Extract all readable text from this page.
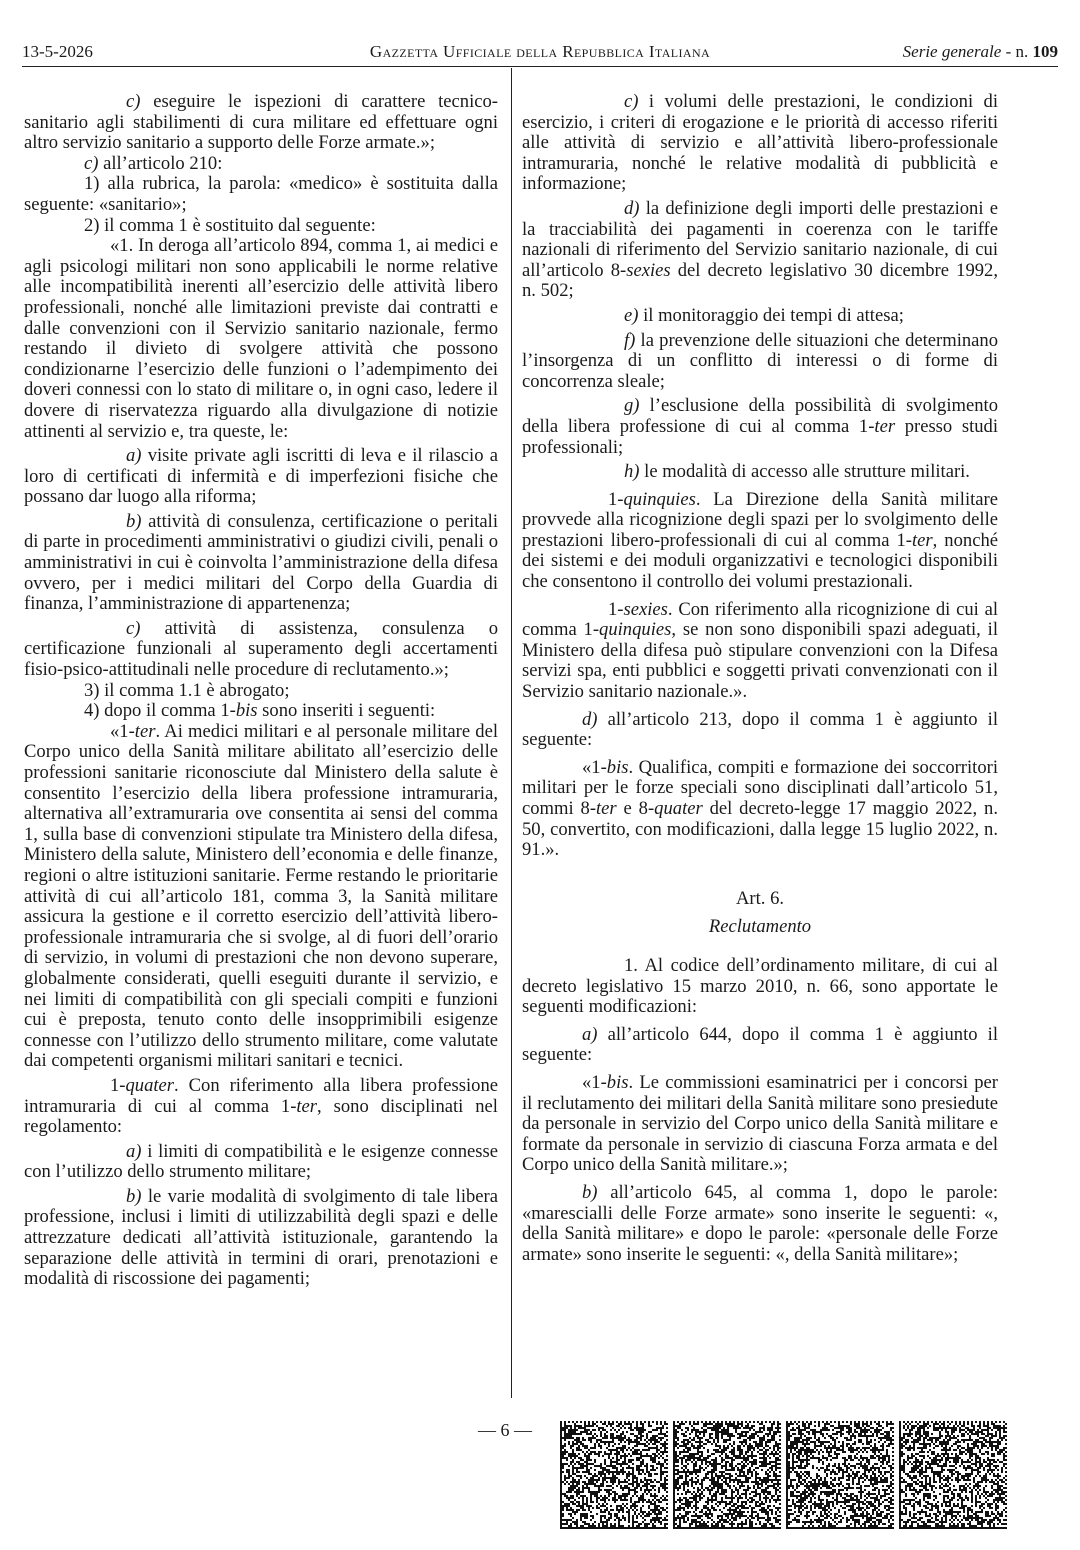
13-5-2026	Gazzetta Ufficiale della Repubblica Italiana	Serie generale - n. 109

c) eseguire le ispezioni di carattere tecnico-sanitario agli stabilimenti di cura militare ed effettuare ogni altro servizio sanitario a supporto delle Forze armate.»;

c) all’articolo 210:

1) alla rubrica, la parola: «medico» è sostituita dalla seguente: «sanitario»;

2) il comma 1 è sostituito dal seguente:

«1. In deroga all’articolo 894, comma 1, ai medici e agli psicologi militari non sono applicabili le norme relative alle incompatibilità inerenti all’esercizio delle attività libero professionali, nonché alle limitazioni previste dai contratti e dalle convenzioni con il Servizio sanitario nazionale, fermo restando il divieto di svolgere attività che possono condizionarne l’esercizio delle funzioni o l’adempimento dei doveri connessi con lo stato di militare o, in ogni caso, ledere il dovere di riservatezza riguardo alla divulgazione di notizie attinenti al servizio e, tra queste, le:

a) visite private agli iscritti di leva e il rilascio a loro di certificati di infermità e di imperfezioni fisiche che possano dar luogo alla riforma;

b) attività di consulenza, certificazione o peritali di parte in procedimenti amministrativi o giudizi civili, penali o amministrativi in cui è coinvolta l’amministrazione della difesa ovvero, per i medici militari del Corpo della Guardia di finanza, l’amministrazione di appartenenza;

c) attività di assistenza, consulenza o certificazione funzionali al superamento degli accertamenti fisio-psico-attitudinali nelle procedure di reclutamento.»;

3) il comma 1.1 è abrogato;

4) dopo il comma 1-bis sono inseriti i seguenti:

«1-ter. Ai medici militari e al personale militare del Corpo unico della Sanità militare abilitato all’esercizio delle professioni sanitarie riconosciute dal Ministero della salute è consentito l’esercizio della libera professione intramuraria, alternativa all’extramuraria ove consentita ai sensi del comma 1, sulla base di convenzioni stipulate tra Ministero della difesa, Ministero della salute, Ministero dell’economia e delle finanze, regioni o altre istituzioni sanitarie. Ferme restando le prioritarie attività di cui all’articolo 181, comma 3, la Sanità militare assicura la gestione e il corretto esercizio dell’attività libero-professionale intramuraria che si svolge, al di fuori dell’orario di servizio, in volumi di prestazioni che non devono superare, globalmente considerati, quelli eseguiti durante il servizio, e nei limiti di compatibilità con gli speciali compiti e funzioni cui è preposta, tenuto conto delle insopprimibili esigenze connesse con l’utilizzo dello strumento militare, come valutate dai competenti organismi militari sanitari e tecnici.

1-quater. Con riferimento alla libera professione intramuraria di cui al comma 1-ter, sono disciplinati nel regolamento:

a) i limiti di compatibilità e le esigenze connesse con l’utilizzo dello strumento militare;

b) le varie modalità di svolgimento di tale libera professione, inclusi i limiti di utilizzabilità degli spazi e delle attrezzature dedicati all’attività istituzionale, garantendo la separazione delle attività in termini di orari, prenotazioni e modalità di riscossione dei pagamenti;

c) i volumi delle prestazioni, le condizioni di esercizio, i criteri di erogazione e le priorità di accesso riferiti alle attività di servizio e all’attività libero-professionale intramuraria, nonché le relative modalità di pubblicità e informazione;

d) la definizione degli importi delle prestazioni e la tracciabilità dei pagamenti in coerenza con le tariffe nazionali di riferimento del Servizio sanitario nazionale, di cui all’articolo 8-sexies del decreto legislativo 30 dicembre 1992, n. 502;

e) il monitoraggio dei tempi di attesa;

f) la prevenzione delle situazioni che determinano l’insorgenza di un conflitto di interessi o di forme di concorrenza sleale;

g) l’esclusione della possibilità di svolgimento della libera professione di cui al comma 1-ter presso studi professionali;

h) le modalità di accesso alle strutture militari.

1-quinquies. La Direzione della Sanità militare provvede alla ricognizione degli spazi per lo svolgimento delle prestazioni libero-professionali di cui al comma 1-ter, nonché dei sistemi e dei moduli organizzativi e tecnologici disponibili che consentono il controllo dei volumi prestazionali.

1-sexies. Con riferimento alla ricognizione di cui al comma 1-quinquies, se non sono disponibili spazi adeguati, il Ministero della difesa può stipulare convenzioni con la Difesa servizi spa, enti pubblici e soggetti privati convenzionati con il Servizio sanitario nazionale.».

d) all’articolo 213, dopo il comma 1 è aggiunto il seguente:

«1-bis. Qualifica, compiti e formazione dei soccorritori militari per le forze speciali sono disciplinati dall’articolo 51, commi 8-ter e 8-quater del decreto-legge 17 maggio 2022, n. 50, convertito, con modificazioni, dalla legge 15 luglio 2022, n. 91.».

Art. 6.

Reclutamento

1. Al codice dell’ordinamento militare, di cui al decreto legislativo 15 marzo 2010, n. 66, sono apportate le seguenti modificazioni:

a) all’articolo 644, dopo il comma 1 è aggiunto il seguente:

«1-bis. Le commissioni esaminatrici per i concorsi per il reclutamento dei militari della Sanità militare sono presiedute da personale in servizio del Corpo unico della Sanità militare e formate da personale in servizio di ciascuna Forza armata e del Corpo unico della Sanità militare.»;

b) all’articolo 645, al comma 1, dopo le parole: «marescialli delle Forze armate» sono inserite le seguenti: «, della Sanità militare» e dopo le parole: «personale delle Forze armate» sono inserite le seguenti: «, della Sanità militare»;

— 6 —
